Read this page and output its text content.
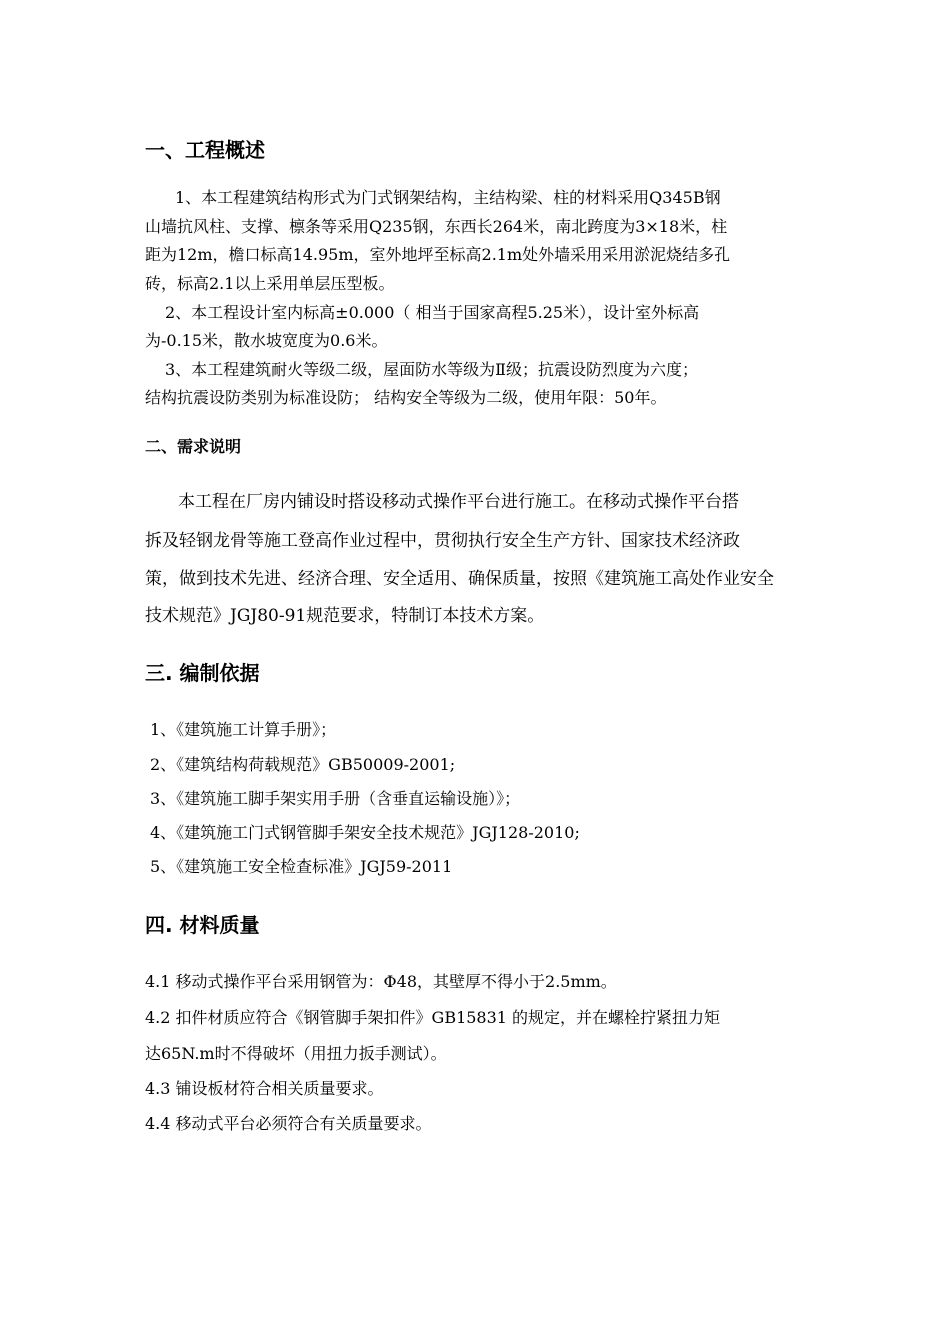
一、工程概述
1、本工程建筑结构形式为门式钢架结构，主结构梁、柱的材料采用Q345B钢
山墙抗风柱、支撑、檩条等采用Q235钢，东西长264米，南北跨度为3×18米，柱
距为12m，檐口标高14.95m，室外地坪至标高2.1m处外墙采用采用淤泥烧结多孔
砖，标高2.1以上采用单层压型板。
2、本工程设计室内标高±0.000（ 相当于国家高程5.25米），设计室外标高
为-0.15米，散水坡宽度为0.6米。
3、本工程建筑耐火等级二级，屋面防水等级为Ⅱ级；抗震设防烈度为六度；
结构抗震设防类别为标准设防； 结构安全等级为二级，使用年限：50年。
二、需求说明
本工程在厂房内铺设时搭设移动式操作平台进行施工。在移动式操作平台搭
拆及轻钢龙骨等施工登高作业过程中，贯彻执行安全生产方针、国家技术经济政
策，做到技术先进、经济合理、安全适用、确保质量，按照《建筑施工高处作业安全
技术规范》JGJ80-91规范要求，特制订本技术方案。
三. 编制依据
1、《建筑施工计算手册》；
2、《建筑结构荷载规范》GB50009-2001;
3、《建筑施工脚手架实用手册（含垂直运输设施）》；
4、《建筑施工门式钢管脚手架安全技术规范》JGJ128-2010;
5、《建筑施工安全检查标准》JGJ59-2011
四. 材料质量
4.1 移动式操作平台采用钢管为：Φ48，其壁厚不得小于2.5mm。
4.2 扣件材质应符合《钢管脚手架扣件》GB15831 的规定，并在螺栓拧紧扭力矩
达65N.m时不得破坏（用扭力扳手测试）。
4.3 铺设板材符合相关质量要求。
4.4 移动式平台必须符合有关质量要求。
